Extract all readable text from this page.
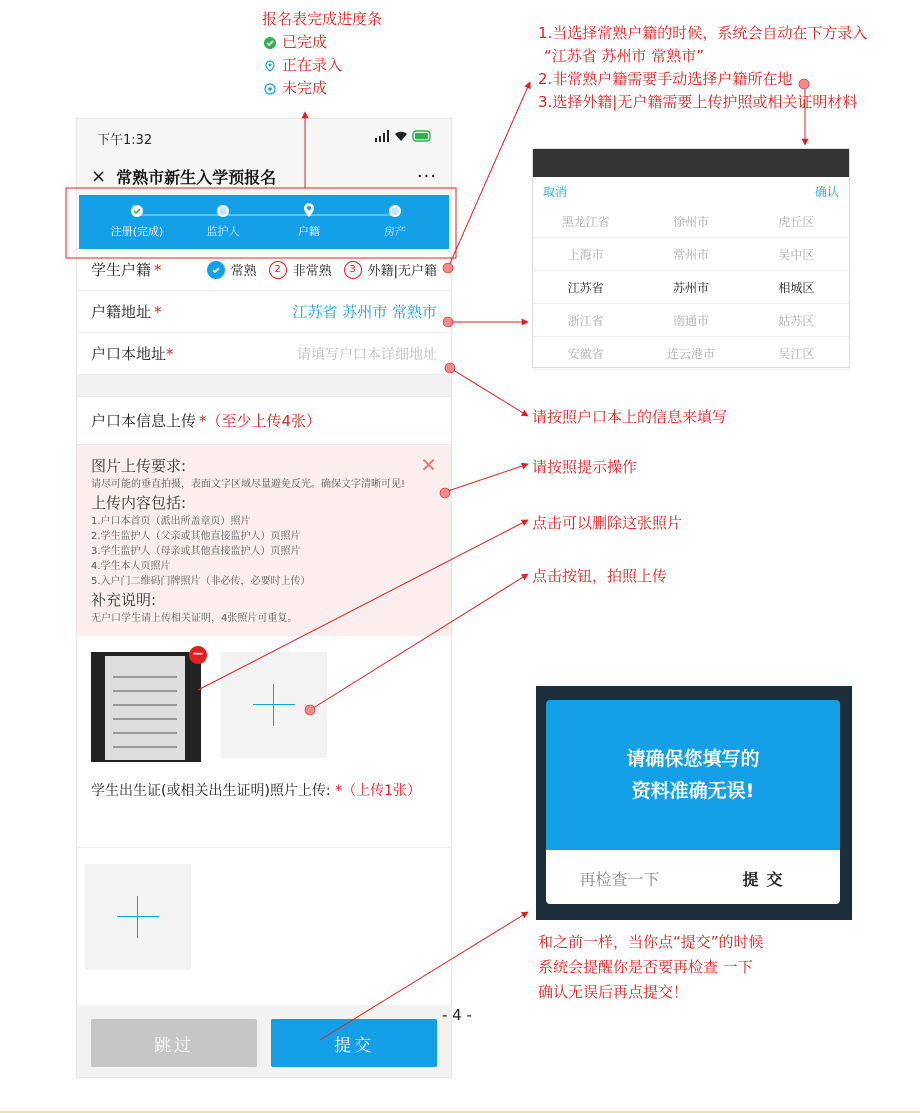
报名表完成进度条
已完成
正在录入
未完成
1.当选择常熟户籍的时候，系统会自动在下方录入
“江苏省 苏州市 常熟市”
2.非常熟户籍需要手动选择户籍所在地
3.选择外籍|无户籍需要上传护照或相关证明材料
请按照户口本上的信息来填写
请按照提示操作
点击可以删除这张照片
点击按钮，拍照上传
和之前一样，当你点“提交”的时候
系统会提醒你是否要再检查 一下
确认无误后再点提交！
下午1:32
× 常熟市新生入学预报名	···
注册(完成)	监护人	户籍	房产
学生户籍 *	常熟	2 非常熟	3 外籍|无户籍
户籍地址 *	江苏省 苏州市 常熟市
户口本地址 *	请填写户口本详细地址
户口本信息上传 *（至少上传4张）
✕
图片上传要求:

请尽可能的垂直拍摄，表面文字区域尽量避免反光。确保文字清晰可见!

上传内容包括:

1.户口本首页（派出所盖章页）照片

2.学生监护人（父亲或其他直接监护人）页照片

3.学生监护人（母亲或其他直接监护人）页照片

4.学生本人页照片

5.入户门二维码门牌照片（非必传，必要时上传）

补充说明:

无户口学生请上传相关证明，4张照片可重复。

−
学生出生证(或相关出生证明)照片上传: *（上传1张）
跳过	提交
取消	确认
黑龙江省	徐州市	虎丘区
上海市	常州市	吴中区
江苏省	苏州市	相城区
浙江省	南通市	姑苏区
安徽省	连云港市	吴江区
请确保您填写的
资料准确无误!
再检查一下	提交
- 4 -
